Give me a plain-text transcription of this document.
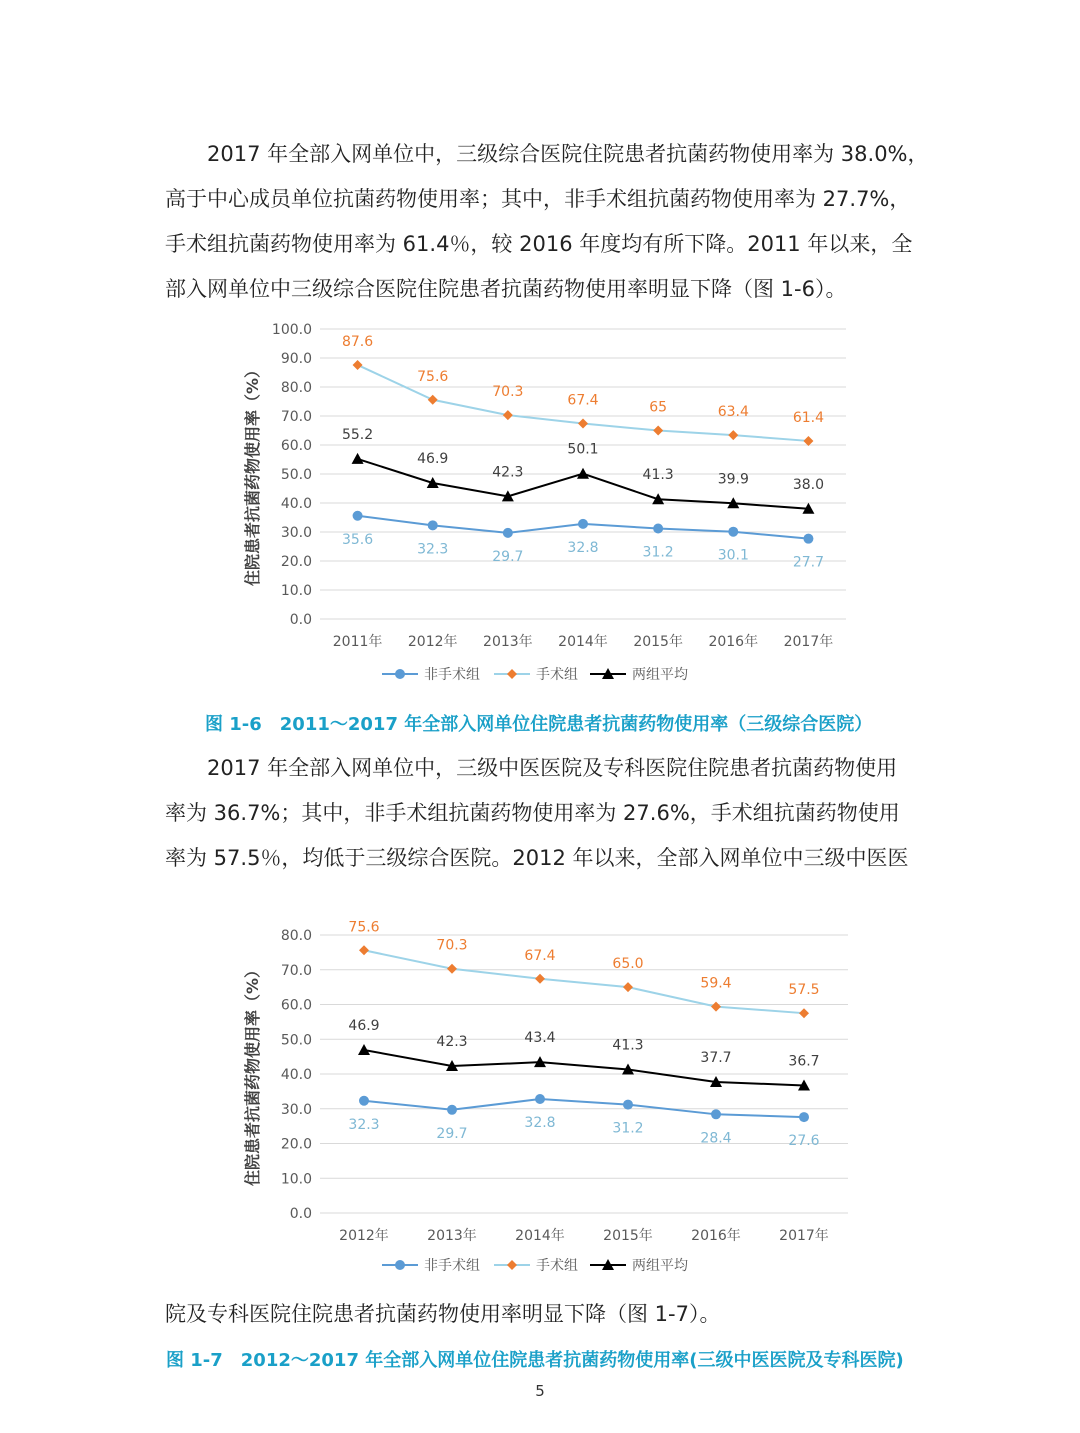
2017 年全部入网单位中，三级综合医院住院患者抗菌药物使用率为 38.0%，
高于中心成员单位抗菌药物使用率；其中，非手术组抗菌药物使用率为 27.7%，
手术组抗菌药物使用率为 61.4％，较 2016 年度均有所下降。2011 年以来，全
部入网单位中三级综合医院住院患者抗菌药物使用率明显下降（图 1-6）。
0.0
10.0
20.0
30.0
40.0
50.0
60.0
70.0
80.0
90.0
100.0
2011年 2012年 2013年 2014年 2015年 2016年 2017年
住院患者抗菌药物使用率（%）
87.6
75.6
70.3
67.4	65	63.4	61.4
55.2
46.9
42.3
50.1
41.3	39.9	38.0
35.6
32.3	29.7
32.8	31.2	30.1	27.7
非手术组	手术组	两组平均
图 1-6　2011～2017 年全部入网单位住院患者抗菌药物使用率（三级综合医院）
2017 年全部入网单位中，三级中医医院及专科医院住院患者抗菌药物使用
率为 36.7%；其中，非手术组抗菌药物使用率为 27.6%，手术组抗菌药物使用
率为 57.5％，均低于三级综合医院。2012 年以来，全部入网单位中三级中医医
0.0
10.0
20.0
30.0
40.0
50.0
60.0
70.0
80.0
2012年	2013年	2014年	2015年	2016年	2017年
住院患者抗菌药物使用率（%）
75.6
70.3
67.4
65.0
59.4	57.5
46.9
42.3	43.4	41.3
37.7	36.7
32.3
29.7
32.8	31.2
28.4	27.6
非手术组	手术组	两组平均
院及专科医院住院患者抗菌药物使用率明显下降（图 1-7）。
图 1-7　2012～2017 年全部入网单位住院患者抗菌药物使用率(三级中医医院及专科医院)
5
